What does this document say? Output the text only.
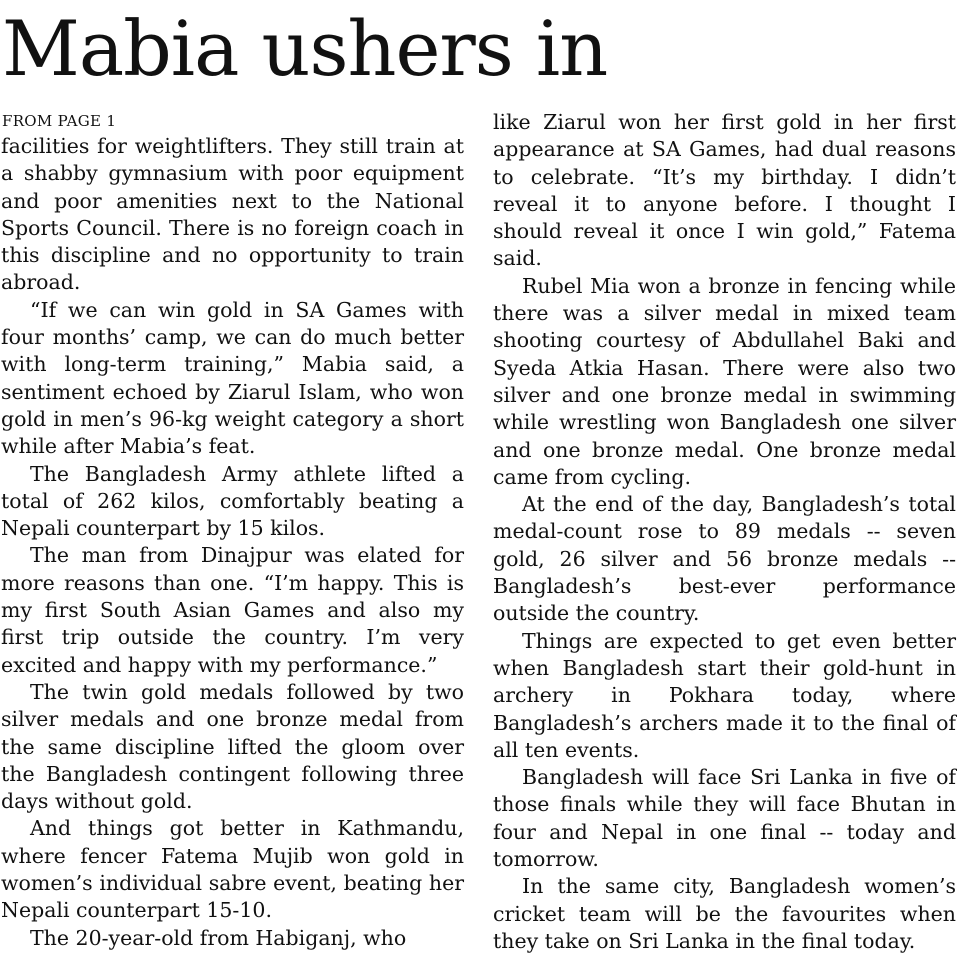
Mabia ushers in
FROM PAGE 1

facilities for weightlifters. They still train at a shabby gymnasium with poor equipment and poor amenities next to the National Sports Council. There is no foreign coach in this discipline and no opportunity to train abroad.

“If we can win gold in SA Games with four months’ camp, we can do much better with long-term training,” Mabia said, a sentiment echoed by Ziarul Islam, who won gold in men’s 96-kg weight category a short while after Mabia’s feat.

The Bangladesh Army athlete lifted a total of 262 kilos, comfortably beating a Nepali counterpart by 15 kilos.

The man from Dinajpur was elated for more reasons than one. “I’m happy. This is my first South Asian Games and also my first trip outside the country. I’m very excited and happy with my performance.”

The twin gold medals followed by two silver medals and one bronze medal from the same discipline lifted the gloom over the Bangladesh contingent following three days without gold.

And things got better in Kathmandu, where fencer Fatema Mujib won gold in women’s individual sabre event, beating her Nepali counterpart 15-10.

The 20-year-old from Habiganj, who

like Ziarul won her first gold in her first appearance at SA Games, had dual reasons to celebrate. “It’s my birthday. I didn’t reveal it to anyone before. I thought I should reveal it once I win gold,” Fatema said.

Rubel Mia won a bronze in fencing while there was a silver medal in mixed team shooting courtesy of Abdullahel Baki and Syeda Atkia Hasan. There were also two silver and one bronze medal in swimming while wrestling won Bangladesh one silver and one bronze medal. One bronze medal came from cycling.

At the end of the day, Bangladesh’s total medal-count rose to 89 medals -- seven gold, 26 silver and 56 bronze medals -- Bangladesh’s best-ever performance outside the country.

Things are expected to get even better when Bangladesh start their gold-hunt in archery in Pokhara today, where Bangladesh’s archers made it to the final of all ten events.

Bangladesh will face Sri Lanka in five of those finals while they will face Bhutan in four and Nepal in one final -- today and tomorrow.

In the same city, Bangladesh women’s cricket team will be the favourites when they take on Sri Lanka in the final today.
